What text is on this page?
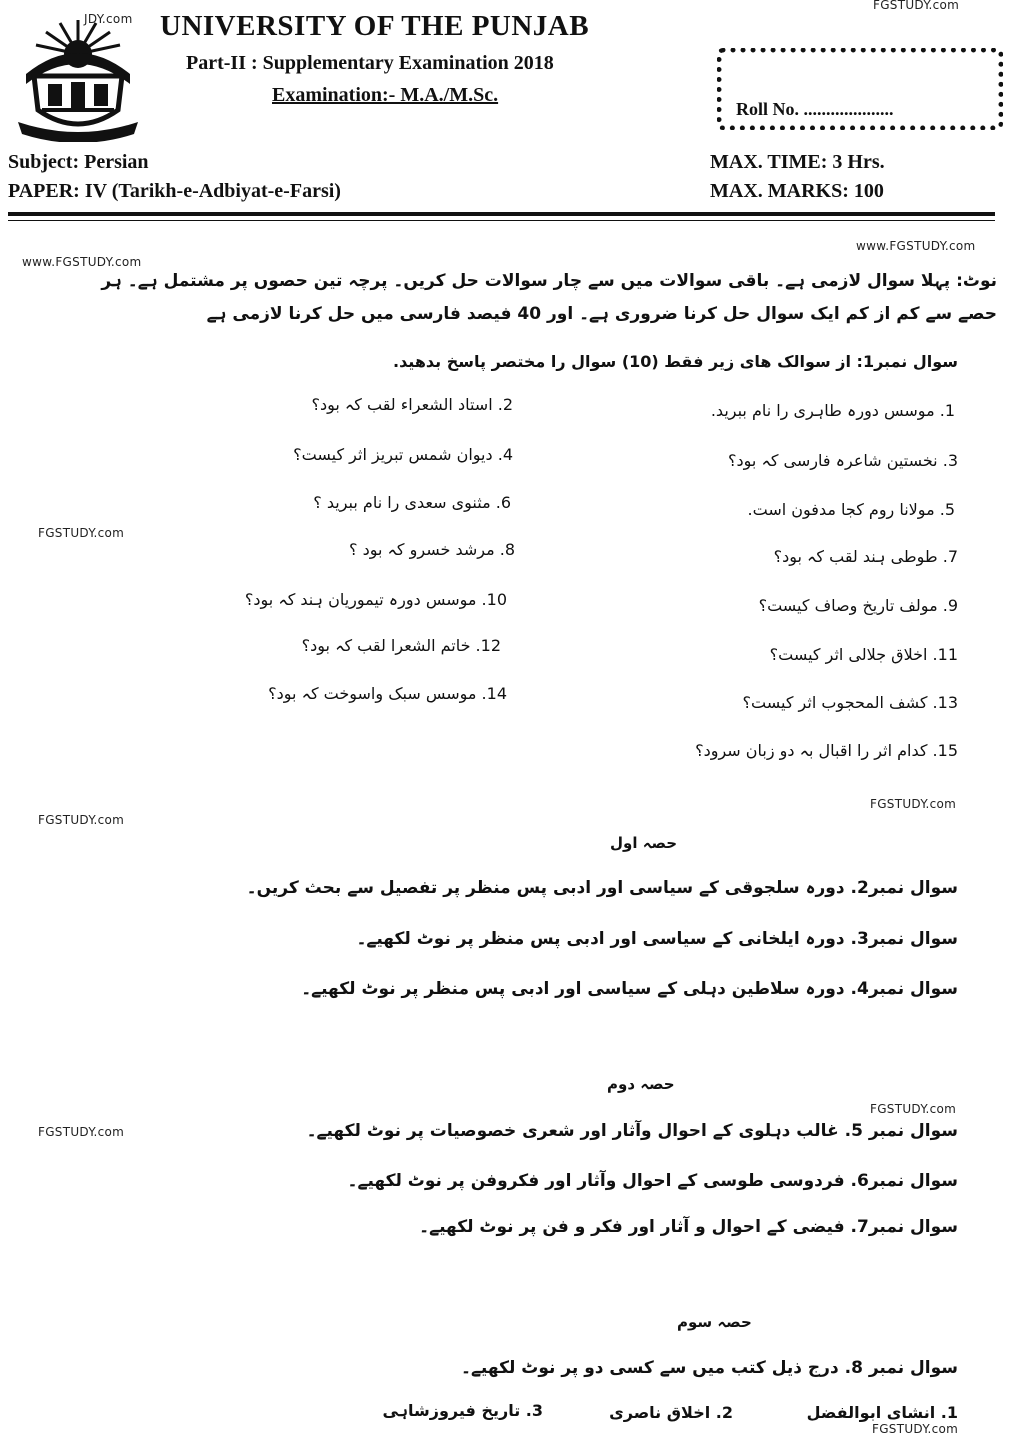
JDY.com
FGSTUDY.com
www.FGSTUDY.com
www.FGSTUDY.com
FGSTUDY.com
FGSTUDY.com
FGSTUDY.com
FGSTUDY.com
FGSTUDY.com
FGSTUDY.com
UNIVERSITY OF THE PUNJAB
Part-II : Supplementary Examination 2018
Examination:- M.A./M.Sc.
Roll No. ....................
Subject: Persian
PAPER: IV (Tarikh-e-Adbiyat-e-Farsi)
MAX. TIME: 3 Hrs.
MAX. MARKS: 100
نوٹ: پہلا سوال لازمی ہے۔ باقی سوالات میں سے چار سوالات حل کریں۔ پرچہ تین حصوں پر مشتمل ہے۔ ہر
حصے سے کم از کم ایک سوال حل کرنا ضروری ہے۔ اور 40 فیصد فارسی میں حل کرنا لازمی ہے
سوال نمبر1: از سوالک های زیر فقط (10) سوال را مختصر پاسخ بدهید.
1. موسس دورہ طاہری را نام ببرید.
2. استاد الشعراء لقب کہ بود؟
3. نخستین شاعرہ فارسی کہ بود؟
4. دیوان شمس تبریز اثر کیست؟
5. مولانا روم کجا مدفون است.
6. مثنوی سعدی را نام ببرید ؟
7. طوطی ہند لقب کہ بود؟
8. مرشد خسرو کہ بود ؟
9. مولف تاریخ وصاف کیست؟
10. موسس دورہ تیموریان ہند کہ بود؟
11. اخلاق جلالی اثر کیست؟
12. خاتم الشعرا لقب کہ بود؟
13. کشف المحجوب اثر کیست؟
14. موسس سبک واسوخت کہ بود؟
15. کدام اثر را اقبال بہ دو زبان سرود؟
حصہ اول
سوال نمبر2. دورہ سلجوقی کے سیاسی اور ادبی پس منظر پر تفصیل سے بحث کریں۔
سوال نمبر3. دورہ ایلخانی کے سیاسی اور ادبی پس منظر پر نوٹ لکھیے۔
سوال نمبر4. دورہ سلاطین دہلی کے سیاسی اور ادبی پس منظر پر نوٹ لکھیے۔
حصہ دوم
سوال نمبر 5. غالب دہلوی کے احوال وآثار اور شعری خصوصیات پر نوٹ لکھیے۔
سوال نمبر6. فردوسی طوسی کے احوال وآثار اور فکروفن پر نوٹ لکھیے۔
سوال نمبر7. فیضی کے احوال و آثار اور فکر و فن پر نوٹ لکھیے۔
حصہ سوم
سوال نمبر 8. درج ذیل کتب میں سے کسی دو پر نوٹ لکھیے۔
1. انشای ابوالفضل
2. اخلاق ناصری
3. تاریخ فیروزشاہی
